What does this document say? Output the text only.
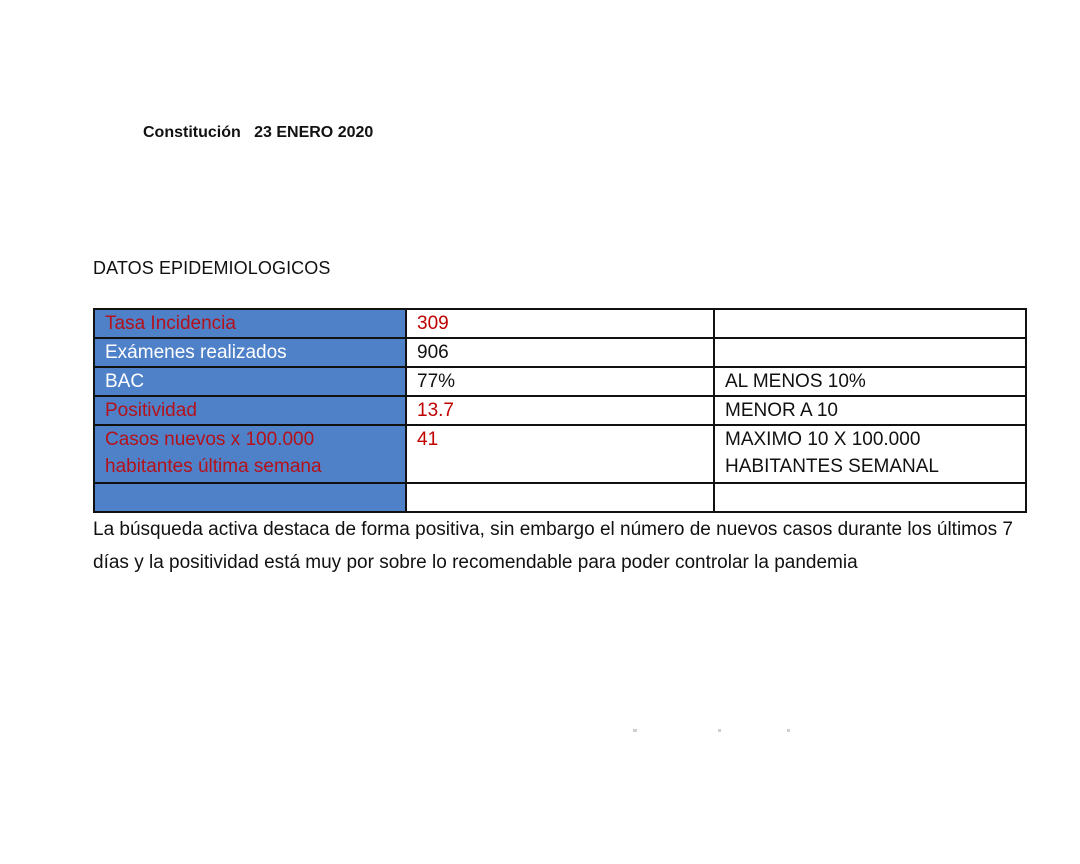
Constitución 23 ENERO 2020
DATOS EPIDEMIOLOGICOS
Tasa Incidencia	309	
Exámenes realizados	906	
BAC	77%	AL MENOS 10%
Positividad	13.7	MENOR A 10
Casos nuevos x 100.000 habitantes última semana	41	MAXIMO 10 X 100.000 HABITANTES SEMANAL

La búsqueda activa destaca de forma positiva, sin embargo el número de nuevos casos durante los últimos 7 días y la positividad está muy por sobre lo recomendable para poder controlar la pandemia
